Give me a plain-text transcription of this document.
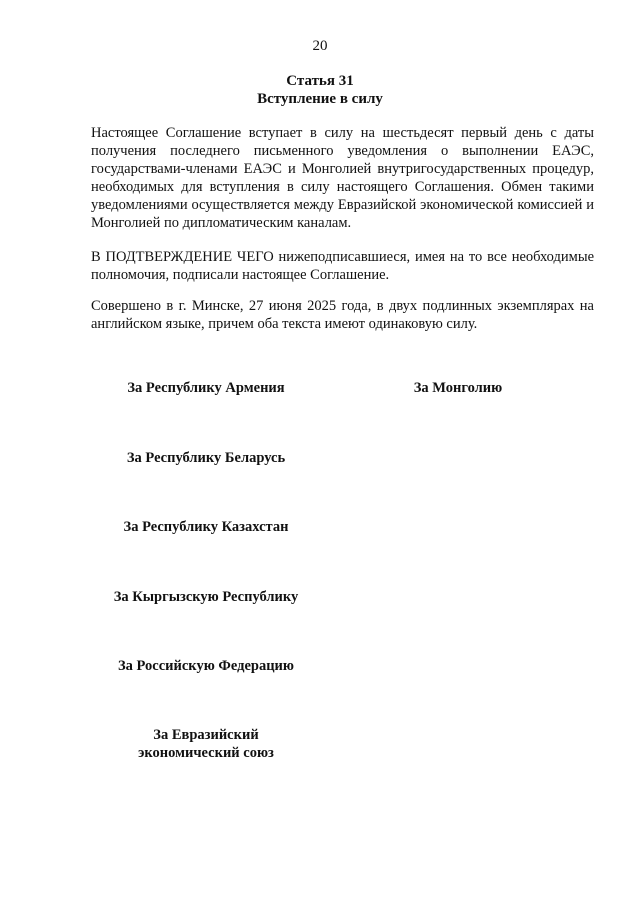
20
Статья 31
Вступление в силу
Настоящее Соглашение вступает в силу на шестьдесят первый день с даты получения последнего письменного уведомления о выполнении ЕАЭС, государствами-членами ЕАЭС и Монголией внутригосударственных процедур, необходимых для вступления в силу настоящего Соглашения. Обмен такими уведомлениями осуществляется между Евразийской экономической комиссией и Монголией по дипломатическим каналам.
В ПОДТВЕРЖДЕНИЕ ЧЕГО нижеподписавшиеся, имея на то все необходимые полномочия, подписали настоящее Соглашение.
Совершено в г. Минске, 27 июня 2025 года, в двух подлинных экземплярах на английском языке, причем оба текста имеют одинаковую силу.
За Республику Армения	За Монголию
За Республику Беларусь
За Республику Казахстан
За Кыргызскую Республику
За Российскую Федерацию
За Евразийский
экономический союз
